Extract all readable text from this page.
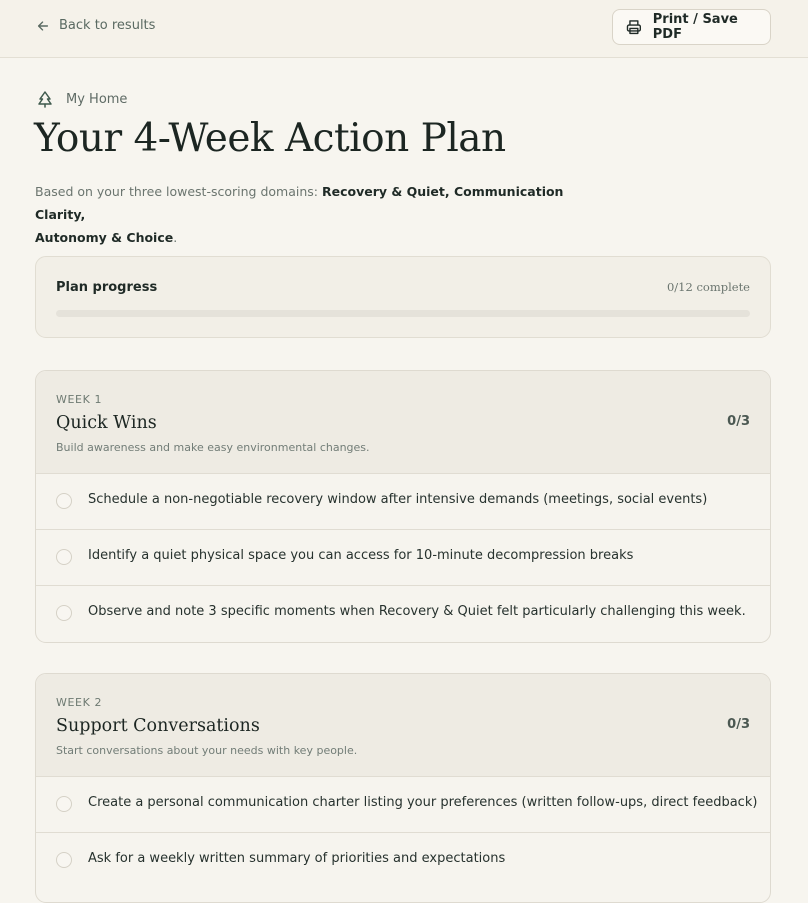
Back to results	Print / Save PDF
My Home
Your 4-Week Action Plan

Based on your three lowest-scoring domains: Recovery & Quiet, Communication Clarity,
Autonomy & Choice.

Plan progress	0/12 complete
WEEK 1
Quick Wins
Build awareness and make easy environmental changes.
0/3
Schedule a non-negotiable recovery window after intensive demands (meetings, social events)
Identify a quiet physical space you can access for 10-minute decompression breaks
Observe and note 3 specific moments when Recovery & Quiet felt particularly challenging this week.
WEEK 2
Support Conversations
Start conversations about your needs with key people.
0/3
Create a personal communication charter listing your preferences (written follow-ups, direct feedback)
Ask for a weekly written summary of priorities and expectations
